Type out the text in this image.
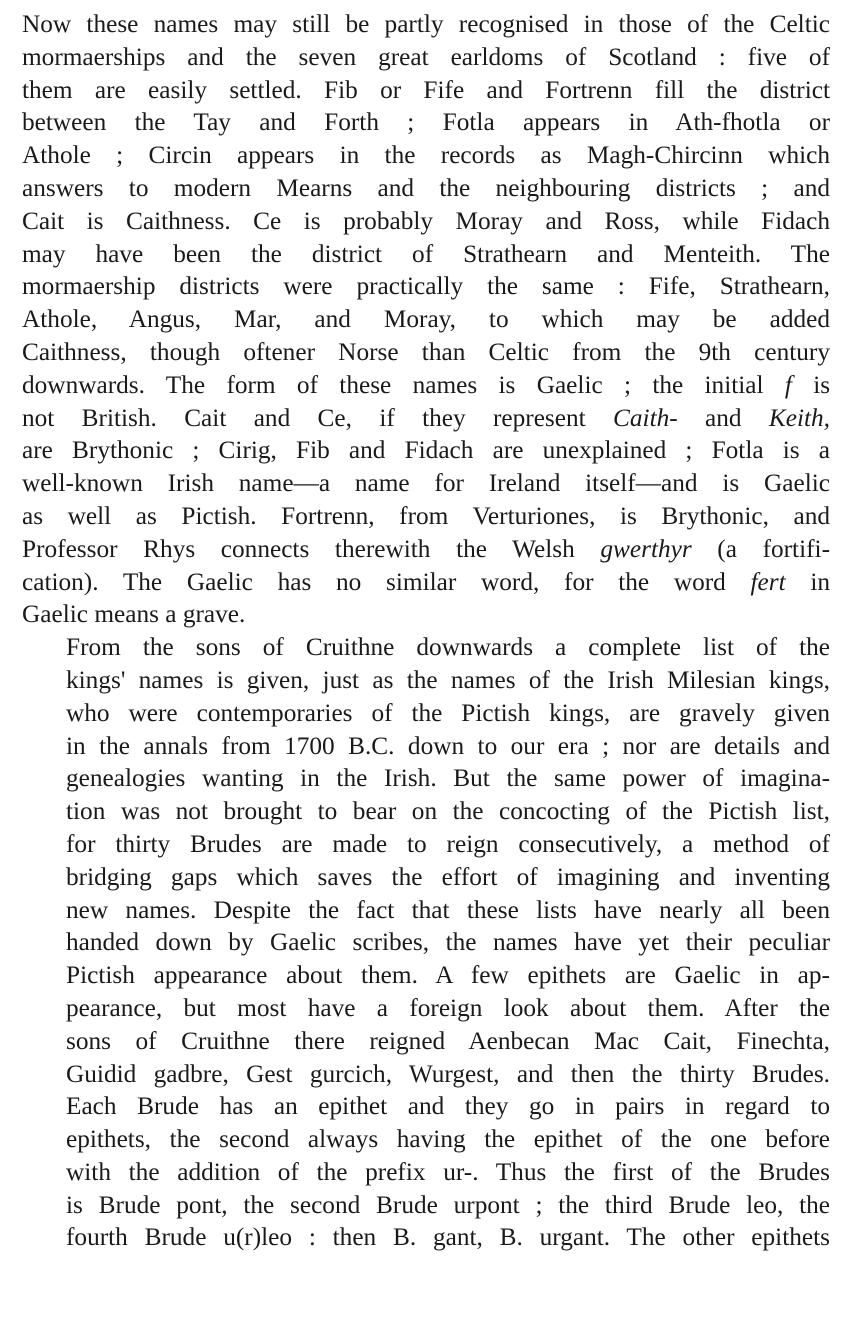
Now these names may still be partly recognised in those of the Celtic
mormaerships and the seven great earldoms of Scotland : five of
them are easily settled. Fib or Fife and Fortrenn fill the district
between the Tay and Forth ; Fotla appears in Ath-fhotla or
Athole ; Circin appears in the records as Magh-Chircinn which
answers to modern Mearns and the neighbouring districts ; and
Cait is Caithness. Ce is probably Moray and Ross, while Fidach
may have been the district of Strathearn and Menteith. The
mormaership districts were practically the same : Fife, Strathearn,
Athole, Angus, Mar, and Moray, to which may be added
Caithness, though oftener Norse than Celtic from the 9th century
downwards. The form of these names is Gaelic ; the initial f is
not British. Cait and Ce, if they represent Caith- and Keith,
are Brythonic ; Cirig, Fib and Fidach are unexplained ; Fotla is a
well-known Irish name—a name for Ireland itself—and is Gaelic
as well as Pictish. Fortrenn, from Verturiones, is Brythonic, and
Professor Rhys connects therewith the Welsh gwerthyr (a fortifi-
cation). The Gaelic has no similar word, for the word fert in
Gaelic means a grave.
From the sons of Cruithne downwards a complete list of the
kings' names is given, just as the names of the Irish Milesian kings,
who were contemporaries of the Pictish kings, are gravely given
in the annals from 1700 B.C. down to our era ; nor are details and
genealogies wanting in the Irish. But the same power of imagina-
tion was not brought to bear on the concocting of the Pictish list,
for thirty Brudes are made to reign consecutively, a method of
bridging gaps which saves the effort of imagining and inventing
new names. Despite the fact that these lists have nearly all been
handed down by Gaelic scribes, the names have yet their peculiar
Pictish appearance about them. A few epithets are Gaelic in ap-
pearance, but most have a foreign look about them. After the
sons of Cruithne there reigned Aenbecan Mac Cait, Finechta,
Guidid gadbre, Gest gurcich, Wurgest, and then the thirty Brudes.
Each Brude has an epithet and they go in pairs in regard to
epithets, the second always having the epithet of the one before
with the addition of the prefix ur-. Thus the first of the Brudes
is Brude pont, the second Brude urpont ; the third Brude leo, the
fourth Brude u(r)leo : then B. gant, B. urgant. The other epithets
